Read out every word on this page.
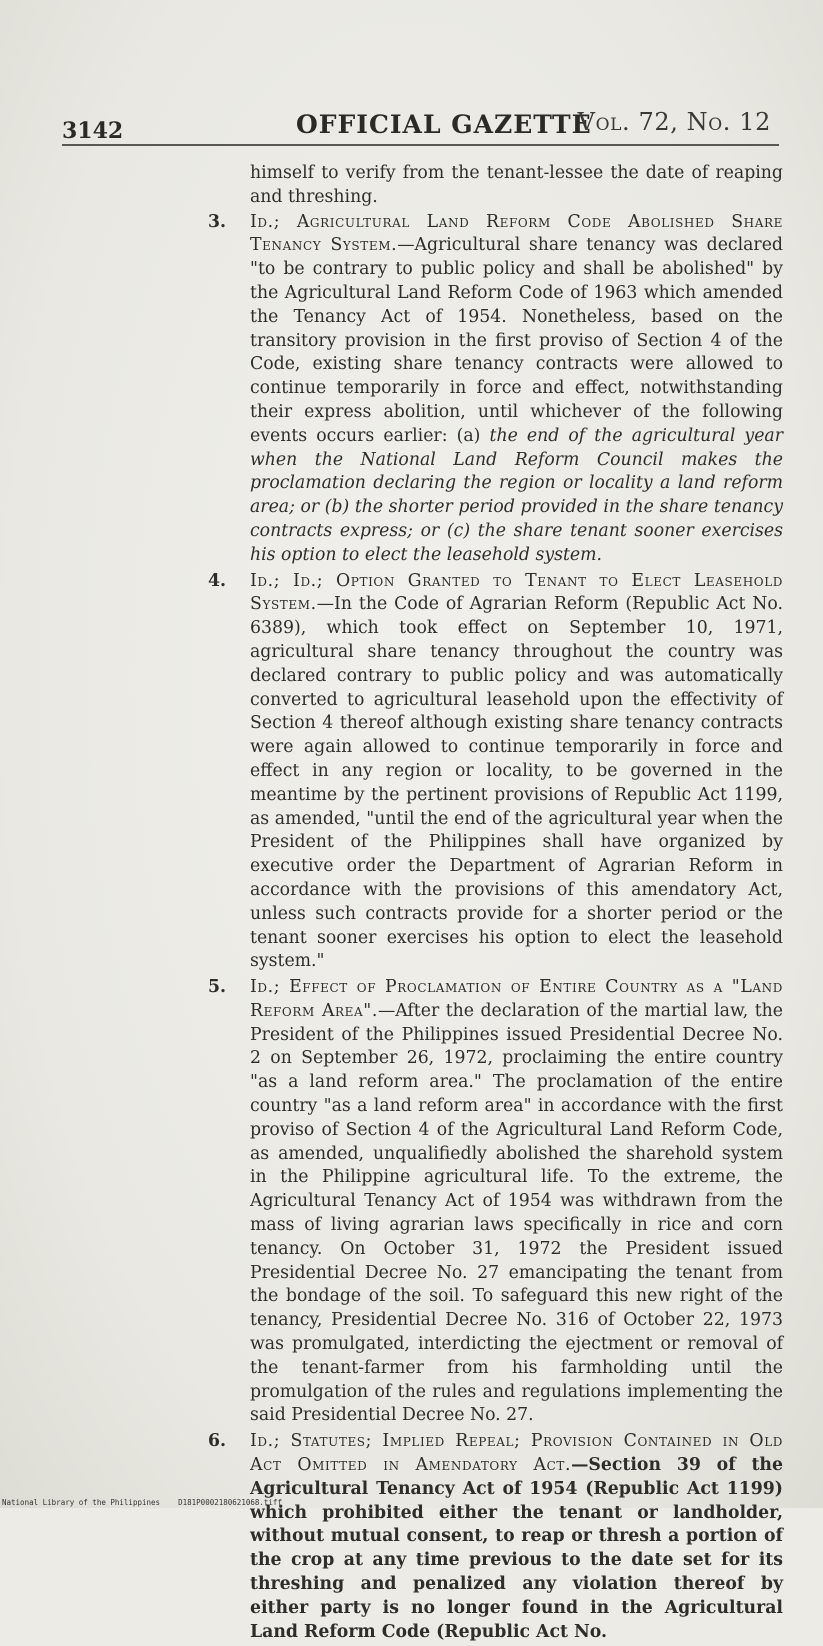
3142	OFFICIAL GAZETTE
Vol. 72, No. 12

himself to verify from the tenant-lessee the date of reaping and threshing.

3. Id.; Agricultural Land Reform Code Abolished Share Tenancy System.—Agricultural share tenancy was declared "to be contrary to public policy and shall be abolished" by the Agricultural Land Reform Code of 1963 which amended the Tenancy Act of 1954. Nonetheless, based on the transitory provision in the first proviso of Section 4 of the Code, existing share tenancy contracts were allowed to continue temporarily in force and effect, notwithstanding their express abolition, until whichever of the following events occurs earlier: (a) the end of the agricultural year when the National Land Reform Council makes the proclamation declaring the region or locality a land reform area; or (b) the shorter period provided in the share tenancy contracts express; or (c) the share tenant sooner exercises his option to elect the leasehold system.

4. Id.; Id.; Option Granted to Tenant to Elect Leasehold System.—In the Code of Agrarian Reform (Republic Act No. 6389), which took effect on September 10, 1971, agricultural share tenancy throughout the country was declared contrary to public policy and was automatically converted to agricultural leasehold upon the effectivity of Section 4 thereof although existing share tenancy contracts were again allowed to continue temporarily in force and effect in any region or locality, to be governed in the meantime by the pertinent provisions of Republic Act 1199, as amended, "until the end of the agricultural year when the President of the Philippines shall have organized by executive order the Department of Agrarian Reform in accordance with the provisions of this amendatory Act, unless such contracts provide for a shorter period or the tenant sooner exercises his option to elect the leasehold system."

5. Id.; Effect of Proclamation of Entire Country as a "Land Reform Area".—After the declaration of the martial law, the President of the Philippines issued Presidential Decree No. 2 on September 26, 1972, proclaiming the entire country "as a land reform area." The proclamation of the entire country "as a land reform area" in accordance with the first proviso of Section 4 of the Agricultural Land Reform Code, as amended, unqualifiedly abolished the sharehold system in the Philippine agricultural life. To the extreme, the Agricultural Tenancy Act of 1954 was withdrawn from the mass of living agrarian laws specifically in rice and corn tenancy. On October 31, 1972 the President issued Presidential Decree No. 27 emancipating the tenant from the bondage of the soil. To safeguard this new right of the tenancy, Presidential Decree No. 316 of October 22, 1973 was promulgated, interdicting the ejectment or removal of the tenant-farmer from his farmholding until the promulgation of the rules and regulations implementing the said Presidential Decree No. 27.

6. Id.; Statutes; Implied Repeal; Provision Contained in Old Act Omitted in Amendatory Act.—Section 39 of the Agricultural Tenancy Act of 1954 (Republic Act 1199) which prohibited either the tenant or landholder, without mutual consent, to reap or thresh a portion of the crop at any time previous to the date set for its threshing and penalized any violation thereof by either party is no longer found in the Agricultural Land Reform Code (Republic Act No.

National Library of the Philippines D181P0002180621068.tiff
